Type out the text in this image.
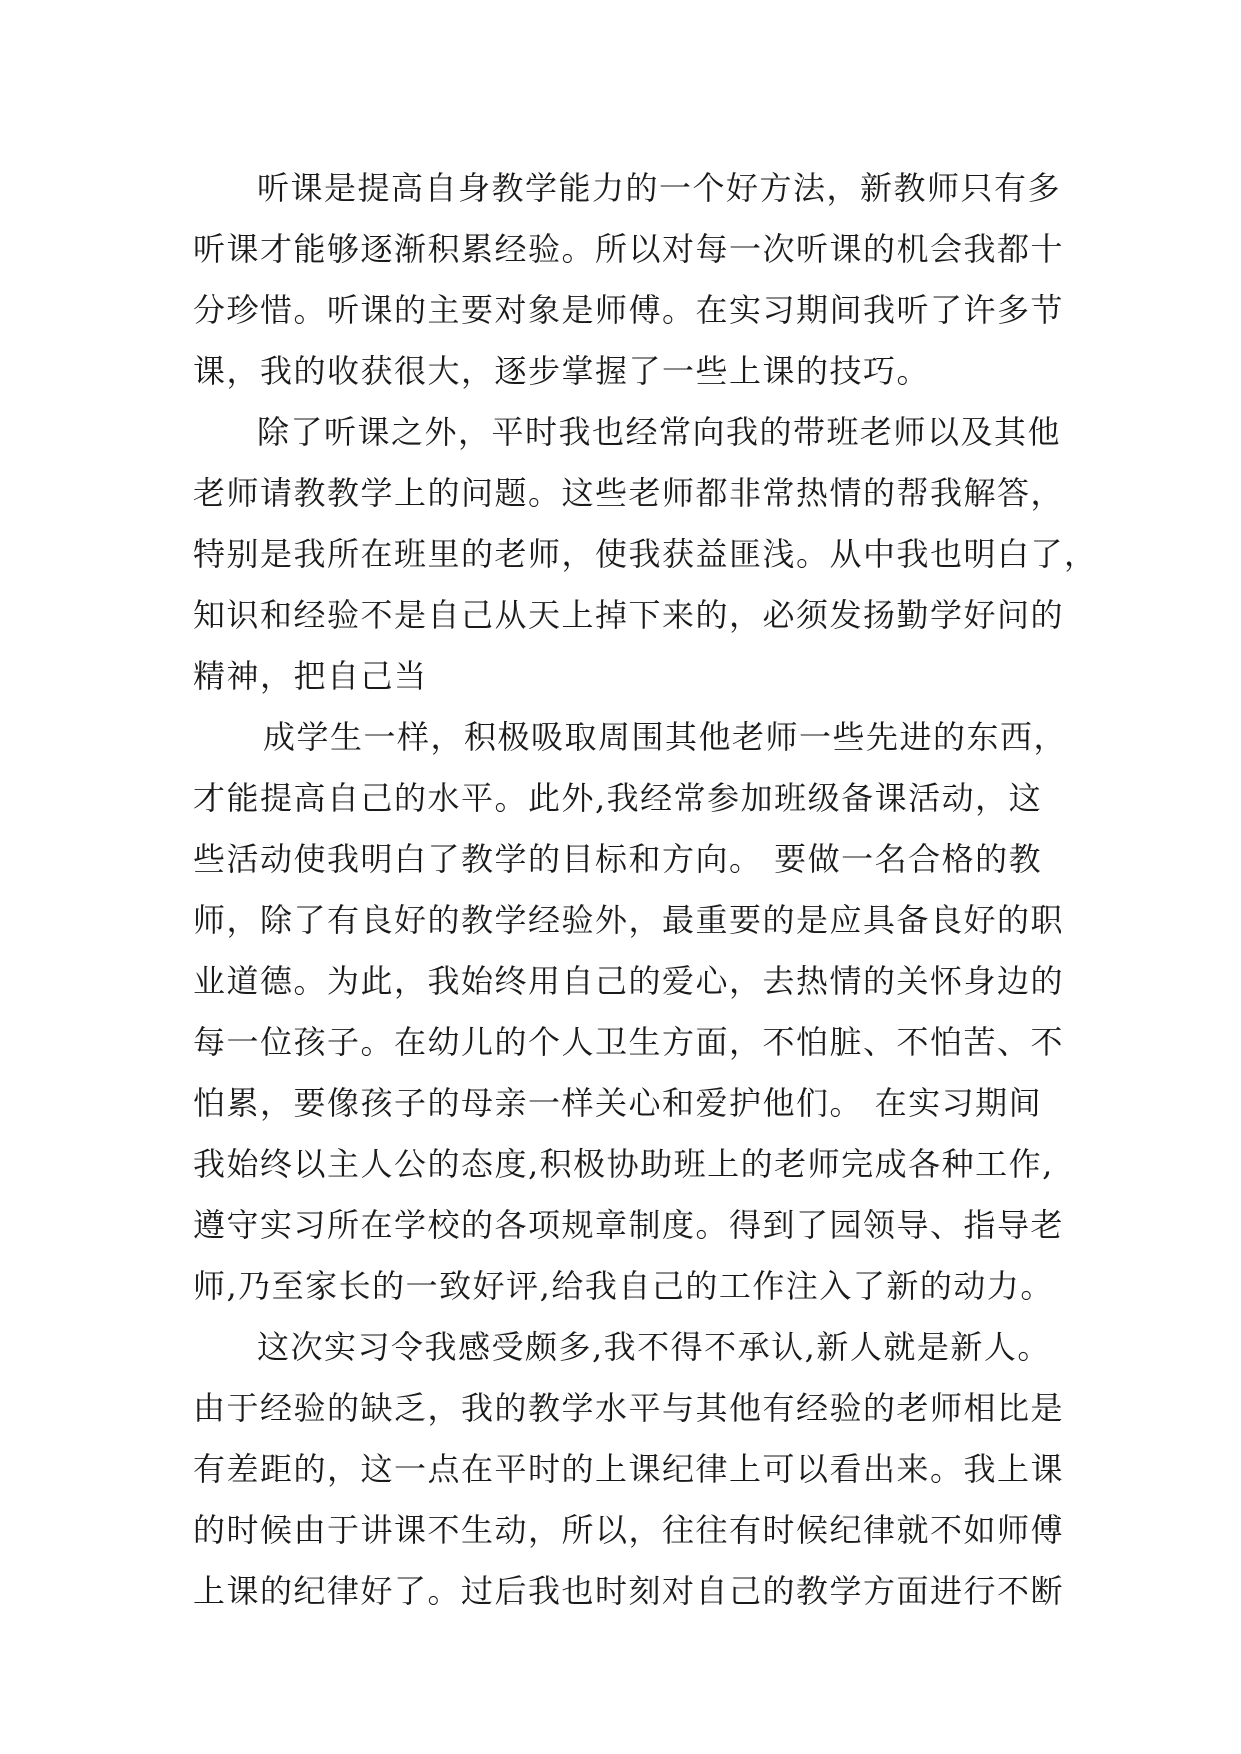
听课是提高自身教学能力的一个好方法，新教师只有多
听课才能够逐渐积累经验。所以对每一次听课的机会我都十
分珍惜。听课的主要对象是师傅。在实习期间我听了许多节
课，我的收获很大，逐步掌握了一些上课的技巧。
除了听课之外，平时我也经常向我的带班老师以及其他
老师请教教学上的问题。这些老师都非常热情的帮我解答，
特别是我所在班里的老师，使我获益匪浅。从中我也明白了，
知识和经验不是自己从天上掉下来的，必须发扬勤学好问的
精神，把自己当
成学生一样，积极吸取周围其他老师一些先进的东西，
才能提高自己的水平。此外,我经常参加班级备课活动，这
些活动使我明白了教学的目标和方向。 要做一名合格的教
师，除了有良好的教学经验外，最重要的是应具备良好的职
业道德。为此，我始终用自己的爱心，去热情的关怀身边的
每一位孩子。在幼儿的个人卫生方面，不怕脏、不怕苦、不
怕累，要像孩子的母亲一样关心和爱护他们。 在实习期间
我始终以主人公的态度,积极协助班上的老师完成各种工作,
遵守实习所在学校的各项规章制度。得到了园领导、指导老
师,乃至家长的一致好评,给我自己的工作注入了新的动力。
这次实习令我感受颇多,我不得不承认,新人就是新人。
由于经验的缺乏，我的教学水平与其他有经验的老师相比是
有差距的，这一点在平时的上课纪律上可以看出来。我上课
的时候由于讲课不生动，所以，往往有时候纪律就不如师傅
上课的纪律好了。过后我也时刻对自己的教学方面进行不断
